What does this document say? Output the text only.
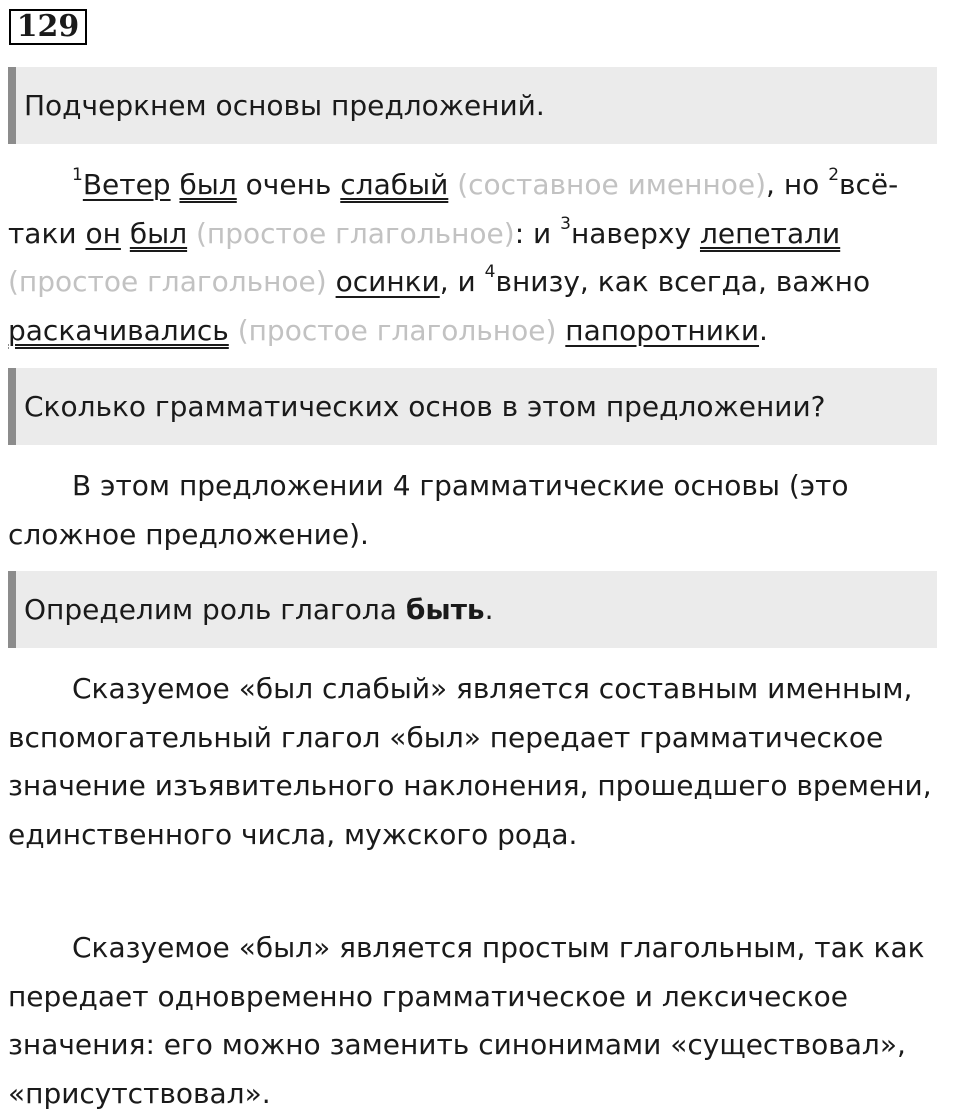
129
Подчеркнем основы предложений.

$^1$Ветер был очень слабый (составное именное), но $^2$всё-таки он был (простое глагольное): и $^3$наверху лепетали (простое глагольное) осинки, и $^4$внизу, как всегда, важно раскачивались (простое глагольное) папоротники.

Сколько грамматических основ в этом предложении?

В этом предложении 4 грамматические основы (это сложное предложение).

Определим роль глагола быть.

Сказуемое «был слабый» является составным именным, вспомогательный глагол «был» передает грамматическое значение изъявительного наклонения, прошедшего времени, единственного числа, мужского рода.

Сказуемое «был» является простым глагольным, так как передает одновременно грамматическое и лексическое значения: его можно заменить синонимами «существовал», «присутствовал».
